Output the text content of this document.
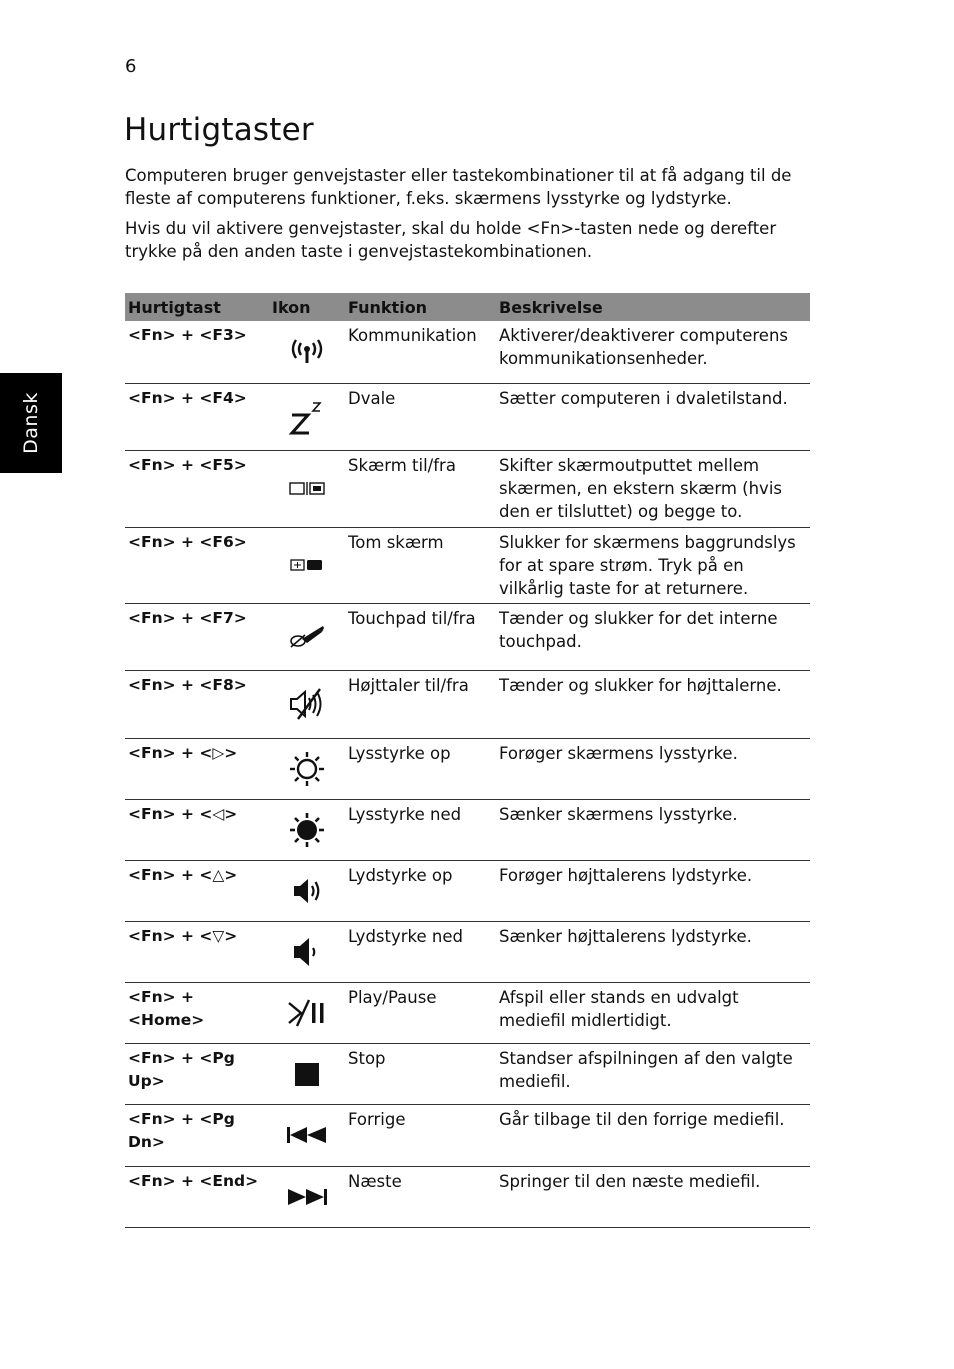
6
Hurtigtaster

Computeren bruger genvejstaster eller tastekombinationer til at få adgang til de fleste af computerens funktioner, f.eks. skærmens lysstyrke og lydstyrke.

Hvis du vil aktivere genvejstaster, skal du holde <Fn>-tasten nede og derefter trykke på den anden taste i genvejstastekombinationen.

Dansk
Hurtigtast	Ikon	Funktion	Beskrivelse
<Fn> + <F3>		Kommunikation	Aktiverer/deaktiverer computerens kommunikationsenheder.
<Fn> + <F4>		Dvale	Sætter computeren i dvaletilstand.
<Fn> + <F5>		Skærm til/fra	Skifter skærmoutputtet mellem skærmen, en ekstern skærm (hvis den er tilsluttet) og begge to.
<Fn> + <F6>		Tom skærm	Slukker for skærmens baggrundslys for at spare strøm. Tryk på en vilkårlig taste for at returnere.
<Fn> + <F7>		Touchpad til/fra	Tænder og slukker for det interne touchpad.
<Fn> + <F8>		Højttaler til/fra	Tænder og slukker for højttalerne.
<Fn> + <▷>		Lysstyrke op	Forøger skærmens lysstyrke.
<Fn> + <◁>		Lysstyrke ned	Sænker skærmens lysstyrke.
<Fn> + <△>		Lydstyrke op	Forøger højttalerens lydstyrke.
<Fn> + <▽>		Lydstyrke ned	Sænker højttalerens lydstyrke.
<Fn> + <Home>		Play/Pause	Afspil eller stands en udvalgt mediefil midlertidigt.
<Fn> + <Pg Up>		Stop	Standser afspilningen af den valgte mediefil.
<Fn> + <Pg Dn>		Forrige	Går tilbage til den forrige mediefil.
<Fn> + <End>		Næste	Springer til den næste mediefil.
